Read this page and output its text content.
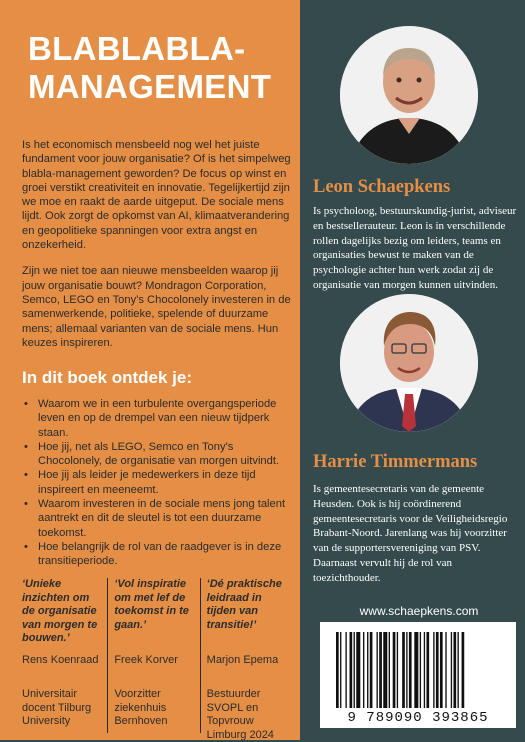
BLABLABLA-
MANAGEMENT

Is het economisch mensbeeld nog wel het juiste fundament voor jouw organisatie? Of is het simpelweg blabla-management geworden? De focus op winst en groei verstikt creativiteit en innovatie. Tegelijkertijd zijn we moe en raakt de aarde uitgeput. De sociale mens lijdt. Ook zorgt de opkomst van AI, klimaatverandering en geopolitieke spanningen voor extra angst en onzekerheid.

Zijn we niet toe aan nieuwe mensbeelden waarop jij jouw organisatie bouwt? Mondragon Corporation, Semco, LEGO en Tony's Chocolonely investeren in de samenwerkende, politieke, spelende of duurzame mens; allemaal varianten van de sociale mens. Hun keuzes inspireren.

In dit boek ontdek je:
• Waarom we in een turbulente overgangsperiode leven en op de drempel van een nieuw tijdperk staan.
• Hoe jij, net als LEGO, Semco en Tony's Chocolonely, de organisatie van morgen uitvindt.
• Hoe jij als leider je medewerkers in deze tijd inspireert en meeneemt.
• Waarom investeren in de sociale mens jong talent aantrekt en dit de sleutel is tot een duurzame toekomst.
• Hoe belangrijk de rol van de raadgever is in deze transitieperiode.
‘Unieke inzichten om de organisatie van morgen te bouwen.’
Rens Koenraad
Universitair docent Tilburg University
‘Vol inspiratie om met lef de toekomst in te gaan.’
Freek Korver
Voorzitter ziekenhuis Bernhoven
‘Dé praktische leidraad in tijden van transitie!’
Marjon Epema
Bestuurder SVOPL en Topvrouw Limburg 2024
Leon Schaepkens

Is psycholoog, bestuurskundig-jurist, adviseur en bestsellerauteur. Leon is in verschillende rollen dagelijks bezig om leiders, teams en organisaties bewust te maken van de psychologie achter hun werk zodat zij de organisatie van morgen kunnen uitvinden.

Harrie Timmermans

Is gemeentesecretaris van de gemeente Heusden. Ook is hij coördinerend gemeentesecretaris voor de Veiligheidsregio Brabant-Noord. Jarenlang was hij voorzitter van de supportersvereniging van PSV. Daarnaast vervult hij de rol van toezichthouder.

www.schaepkens.com
9 789090 393865
